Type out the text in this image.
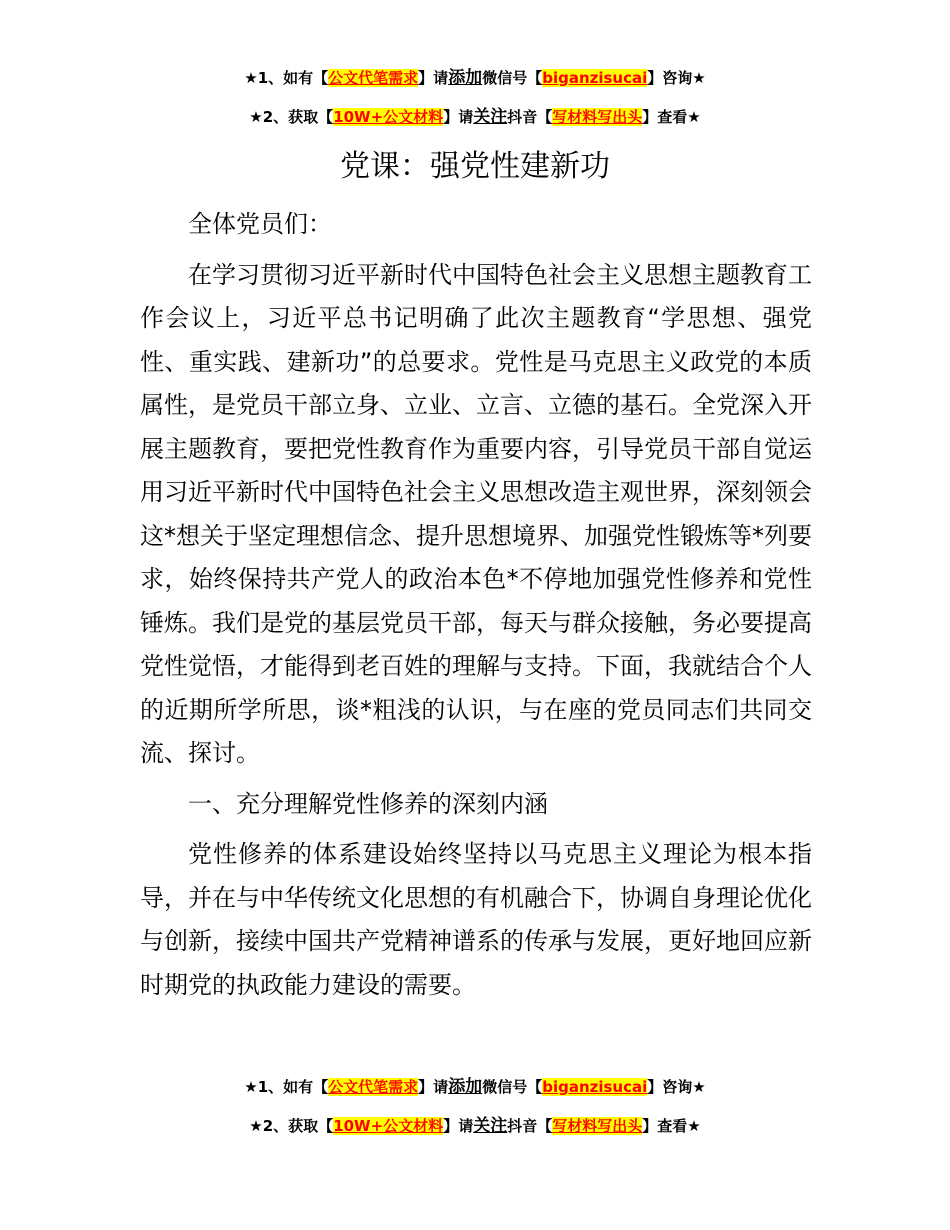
★1、如有【公文代笔需求】请添加微信号【biganzisucai】咨询★
★2、获取【10W+公文材料】请关注抖音【写材料写出头】查看★
党课：强党性建新功

全体党员们：

在学习贯彻习近平新时代中国特色社会主义思想主题教育工作会议上，习近平总书记明确了此次主题教育“学思想、强党性、重实践、建新功”的总要求。党性是马克思主义政党的本质属性，是党员干部立身、立业、立言、立德的基石。全党深入开展主题教育，要把党性教育作为重要内容，引导党员干部自觉运用习近平新时代中国特色社会主义思想改造主观世界，深刻领会这*想关于坚定理想信念、提升思想境界、加强党性锻炼等*列要求，始终保持共产党人的政治本色*不停地加强党性修养和党性锤炼。我们是党的基层党员干部，每天与群众接触，务必要提高党性觉悟，才能得到老百姓的理解与支持。下面，我就结合个人的近期所学所思，谈*粗浅的认识，与在座的党员同志们共同交流、探讨。

一、充分理解党性修养的深刻内涵

党性修养的体系建设始终坚持以马克思主义理论为根本指导，并在与中华传统文化思想的有机融合下，协调自身理论优化与创新，接续中国共产党精神谱系的传承与发展，更好地回应新时期党的执政能力建设的需要。

★1、如有【公文代笔需求】请添加微信号【biganzisucai】咨询★
★2、获取【10W+公文材料】请关注抖音【写材料写出头】查看★
